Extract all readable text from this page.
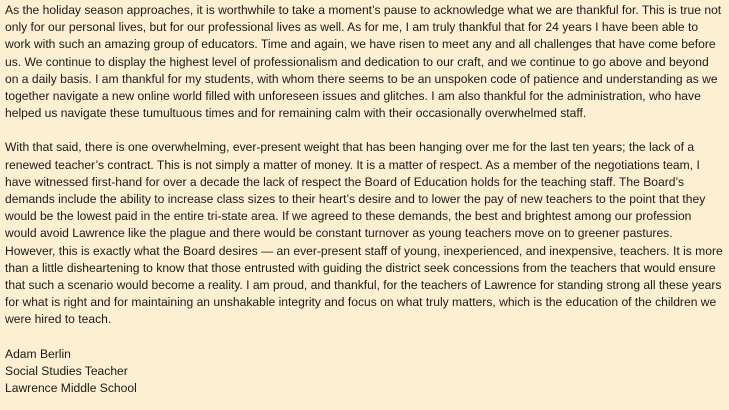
As the holiday season approaches, it is worthwhile to take a moment’s pause to acknowledge what we are thankful for. This is true not only for our personal lives, but for our professional lives as well. As for me, I am truly thankful that for 24 years I have been able to work with such an amazing group of educators. Time and again, we have risen to meet any and all challenges that have come before us. We continue to display the highest level of professionalism and dedication to our craft, and we continue to go above and beyond on a daily basis. I am thankful for my students, with whom there seems to be an unspoken code of patience and understanding as we together navigate a new online world filled with unforeseen issues and glitches. I am also thankful for the administration, who have helped us navigate these tumultuous times and for remaining calm with their occasionally overwhelmed staff.

With that said, there is one overwhelming, ever-present weight that has been hanging over me for the last ten years; the lack of a renewed teacher’s contract. This is not simply a matter of money. It is a matter of respect. As a member of the negotiations team, I have witnessed first-hand for over a decade the lack of respect the Board of Education holds for the teaching staff. The Board’s demands include the ability to increase class sizes to their heart’s desire and to lower the pay of new teachers to the point that they would be the lowest paid in the entire tri-state area. If we agreed to these demands, the best and brightest among our profession would avoid Lawrence like the plague and there would be constant turnover as young teachers move on to greener pastures. However, this is exactly what the Board desires — an ever-present staff of young, inexperienced, and inexpensive, teachers. It is more than a little disheartening to know that those entrusted with guiding the district seek concessions from the teachers that would ensure that such a scenario would become a reality. I am proud, and thankful, for the teachers of Lawrence for standing strong all these years for what is right and for maintaining an unshakable integrity and focus on what truly matters, which is the education of the children we were hired to teach.

Adam Berlin
Social Studies Teacher
Lawrence Middle School
